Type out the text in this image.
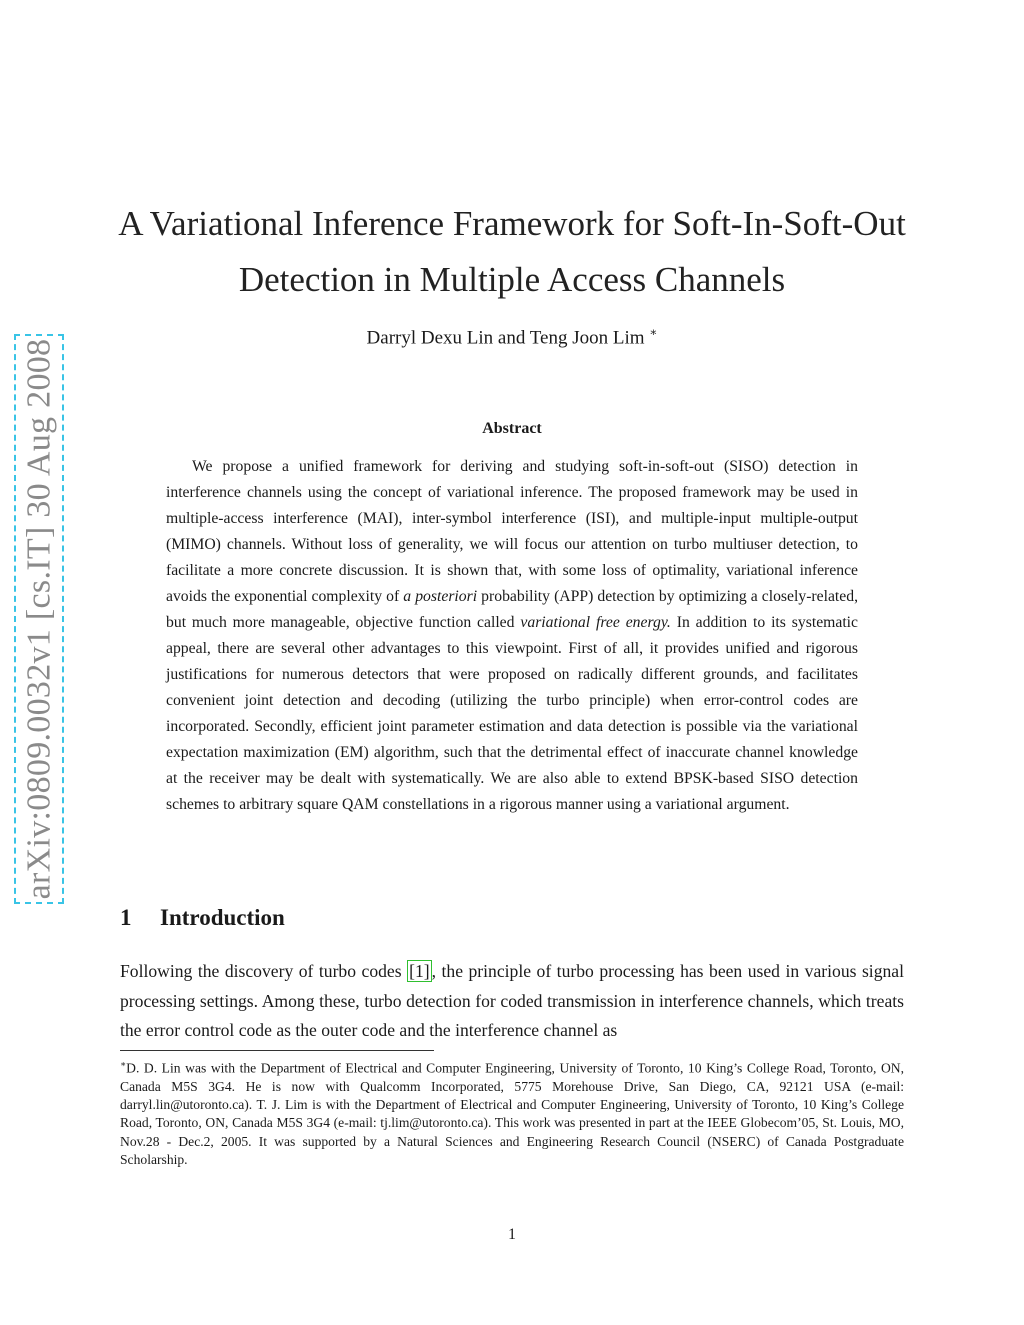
arXiv:0809.0032v1 [cs.IT] 30 Aug 2008
A Variational Inference Framework for Soft-In-Soft-Out
Detection in Multiple Access Channels
Darryl Dexu Lin and Teng Joon Lim ∗
Abstract

We propose a unified framework for deriving and studying soft-in-soft-out (SISO) detection in interference channels using the concept of variational inference. The proposed framework may be used in multiple-access interference (MAI), inter-symbol interference (ISI), and multiple-input multiple-output (MIMO) channels. Without loss of generality, we will focus our attention on turbo multiuser detection, to facilitate a more concrete discussion. It is shown that, with some loss of optimality, variational inference avoids the exponential complexity of a posteriori probability (APP) detection by optimizing a closely-related, but much more manageable, objective function called variational free energy. In addition to its systematic appeal, there are several other advantages to this viewpoint. First of all, it provides unified and rigorous justifications for numerous detectors that were proposed on radically different grounds, and facilitates convenient joint detection and decoding (utilizing the turbo principle) when error-control codes are incorporated. Secondly, efficient joint parameter estimation and data detection is possible via the variational expectation maximization (EM) algorithm, such that the detrimental effect of inaccurate channel knowledge at the receiver may be dealt with systematically. We are also able to extend BPSK-based SISO detection schemes to arbitrary square QAM constellations in a rigorous manner using a variational argument.

1 Introduction

Following the discovery of turbo codes [1] , the principle of turbo processing has been used in various signal processing settings. Among these, turbo detection for coded transmission in interference channels, which treats the error control code as the outer code and the interference channel as

∗D. D. Lin was with the Department of Electrical and Computer Engineering, University of Toronto, 10 King’s College Road, Toronto, ON, Canada M5S 3G4. He is now with Qualcomm Incorporated, 5775 Morehouse Drive, San Diego, CA, 92121 USA (e-mail: darryl.lin@utoronto.ca). T. J. Lim is with the Department of Electrical and Computer Engineering, University of Toronto, 10 King’s College Road, Toronto, ON, Canada M5S 3G4 (e-mail: tj.lim@utoronto.ca). This work was presented in part at the IEEE Globecom’05, St. Louis, MO, Nov.28 - Dec.2, 2005. It was supported by a Natural Sciences and Engineering Research Council (NSERC) of Canada Postgraduate Scholarship.

1
